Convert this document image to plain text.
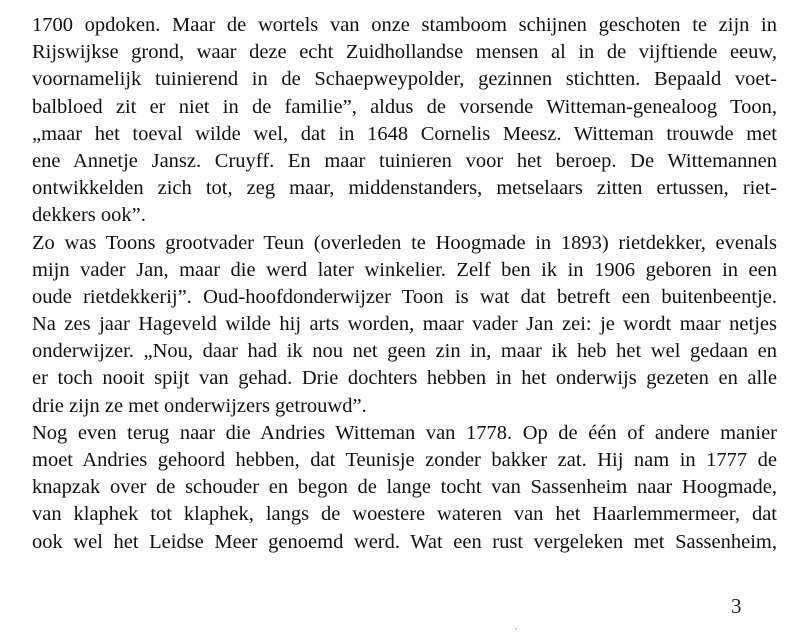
1700 opdoken. Maar de wortels van onze stamboom schijnen geschoten te zijn in
Rijswijkse grond, waar deze echt Zuidhollandse mensen al in de vijftiende eeuw,
voornamelijk tuinierend in de Schaepweypolder, gezinnen stichtten. Bepaald voet-
balbloed zit er niet in de familie”, aldus de vorsende Witteman-genealoog Toon,
„maar het toeval wilde wel, dat in 1648 Cornelis Meesz. Witteman trouwde met
ene Annetje Jansz. Cruyff. En maar tuinieren voor het beroep. De Wittemannen
ontwikkelden zich tot, zeg maar, middenstanders, metselaars zitten ertussen, riet-
dekkers ook”.
Zo was Toons grootvader Teun (overleden te Hoogmade in 1893) rietdekker, evenals
mijn vader Jan, maar die werd later winkelier. Zelf ben ik in 1906 geboren in een
oude rietdekkerij”. Oud-hoofdonderwijzer Toon is wat dat betreft een buitenbeentje.
Na zes jaar Hageveld wilde hij arts worden, maar vader Jan zei: je wordt maar netjes
onderwijzer. „Nou, daar had ik nou net geen zin in, maar ik heb het wel gedaan en
er toch nooit spijt van gehad. Drie dochters hebben in het onderwijs gezeten en alle
drie zijn ze met onderwijzers getrouwd”.
Nog even terug naar die Andries Witteman van 1778. Op de één of andere manier
moet Andries gehoord hebben, dat Teunisje zonder bakker zat. Hij nam in 1777 de
knapzak over de schouder en begon de lange tocht van Sassenheim naar Hoogmade,
van klaphek tot klaphek, langs de woestere wateren van het Haarlemmermeer, dat
ook wel het Leidse Meer genoemd werd. Wat een rust vergeleken met Sassenheim,
3
